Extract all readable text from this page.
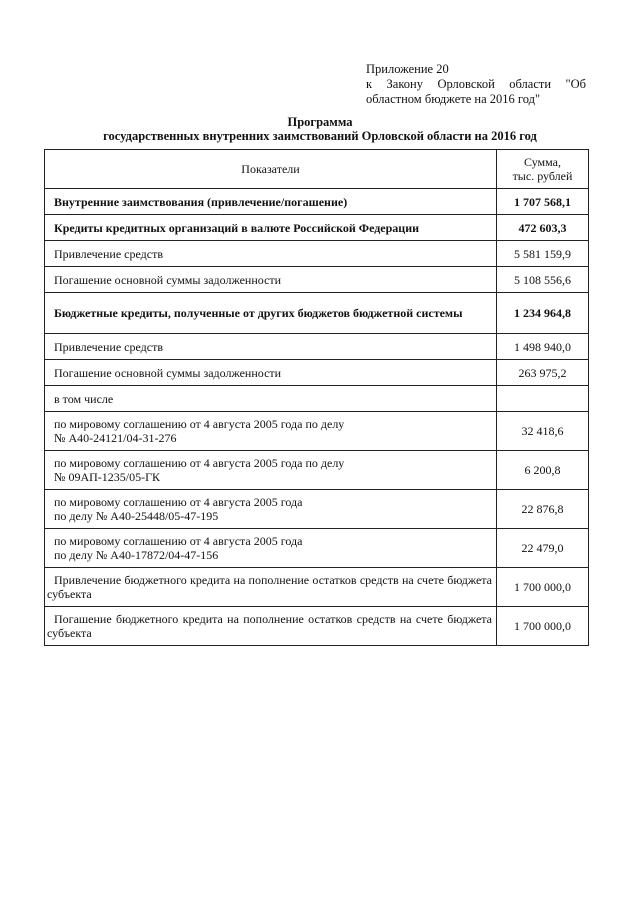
Приложение 20
к Закону Орловской области "Об
областном бюджете на 2016 год"
Программа
государственных внутренних заимствований Орловской области на 2016 год
Показатели	Сумма,
тыс. рублей

Внутренние заимствования (привлечение/погашение)	1 707 568,1
Кредиты кредитных организаций в валюте Российской Федерации	472 603,3
Привлечение средств	5 581 159,9
Погашение основной суммы задолженности	5 108 556,6
Бюджетные кредиты, полученные от других бюджетов бюджетной системы	1 234 964,8
Привлечение средств	1 498 940,0
Погашение основной суммы задолженности	263 975,2
в том числе	

по мировому соглашению от 4 августа 2005 года по делу
№ А40-24121/04-31-276	32 418,6

по мировому соглашению от 4 августа 2005 года по делу
№ 09АП-1235/05-ГК	6 200,8

по мировому соглашению от 4 августа 2005 года
по делу № А40-25448/05-47-195	22 876,8

по мировому соглашению от 4 августа 2005 года
по делу № А40-17872/04-47-156	22 479,0
Привлечение бюджетного кредита на пополнение остатков средств на счете бюджета субъекта	1 700 000,0
Погашение бюджетного кредита на пополнение остатков средств на счете бюджета субъекта	1 700 000,0
